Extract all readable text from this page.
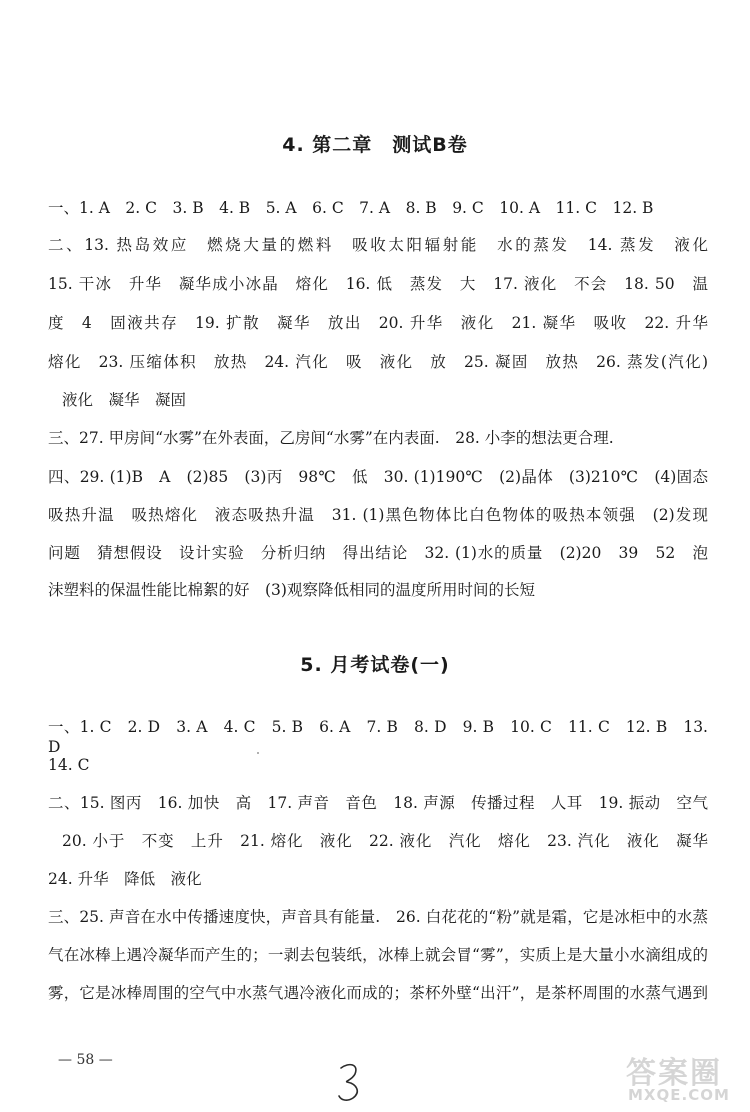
4. 第二章　测试B卷
一、1. A　2. C　3. B　4. B　5. A　6. C　7. A　8. B　9. C　10. A　11. C　12. B
二、13. 热岛效应　燃烧大量的燃料　吸收太阳辐射能　水的蒸发　14. 蒸发　液化
15. 干冰　升华　凝华成小冰晶　熔化　16. 低　蒸发　大　17. 液化　不会　18. 50　温
度　4　固液共存　19. 扩散　凝华　放出　20. 升华　液化　21. 凝华　吸收　22. 升华
熔化　23. 压缩体积　放热　24. 汽化　吸　液化　放　25. 凝固　放热　26. 蒸发(汽化)
液化　凝华　凝固
三、27. 甲房间“水雾”在外表面，乙房间“水雾”在内表面.　28. 小李的想法更合理.
四、29. (1)B　A　(2)85　(3)丙　98℃　低　30. (1)190℃　(2)晶体　(3)210℃　(4)固态
吸热升温　吸热熔化　液态吸热升温　31. (1)黑色物体比白色物体的吸热本领强　(2)发现
问题　猜想假设　设计实验　分析归纳　得出结论　32. (1)水的质量　(2)20　39　52　泡
沫塑料的保温性能比棉絮的好　(3)观察降低相同的温度所用时间的长短
5. 月考试卷(一)
一、1. C　2. D　3. A　4. C　5. B　6. A　7. B　8. D　9. B　10. C　11. C　12. B　13. D
14. C
二、15. 图丙　16. 加快　高　17. 声音　音色　18. 声源　传播过程　人耳　19. 振动　空气
20. 小于　不变　上升　21. 熔化　液化　22. 液化　汽化　熔化　23. 汽化　液化　凝华
24. 升华　降低　液化
三、25. 声音在水中传播速度快，声音具有能量.　26. 白花花的“粉”就是霜，它是冰柜中的水蒸
气在冰棒上遇冷凝华而产生的；一剥去包装纸，冰棒上就会冒“雾”，实质上是大量小水滴组成的
雾，它是冰棒周围的空气中水蒸气遇冷液化而成的；茶杯外壁“出汗”，是茶杯周围的水蒸气遇到
— 58 —	答案圈
MXQE.COM
